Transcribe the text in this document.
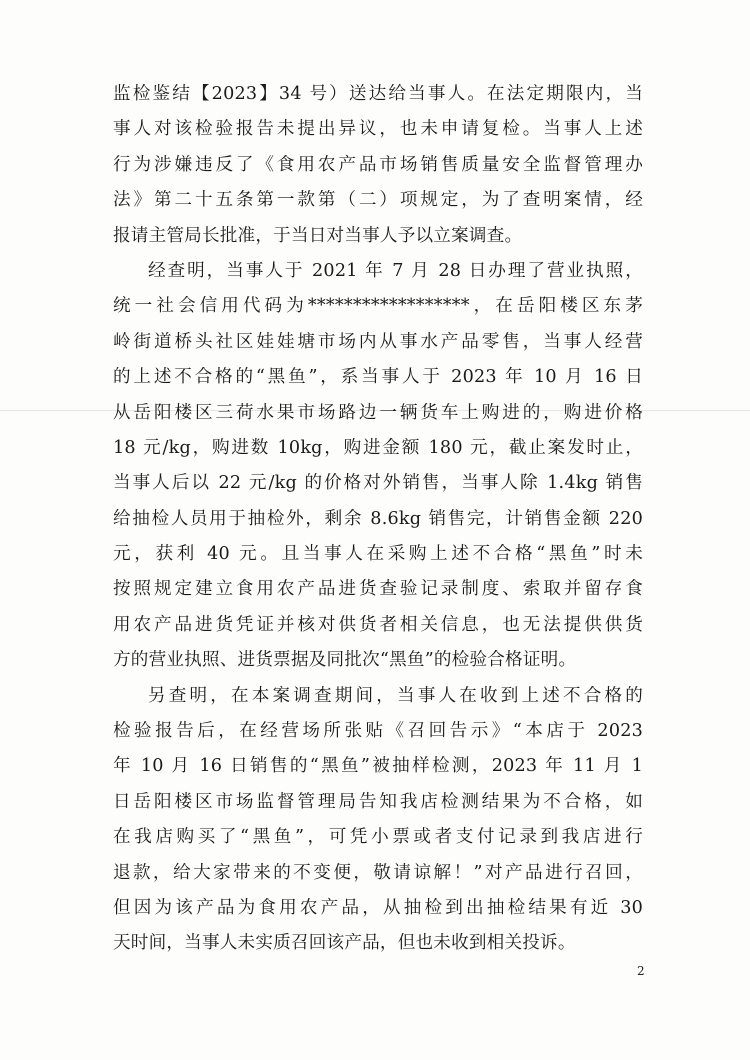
监检鉴结【2023】34 号）送达给当事人。在法定期限内，当
事人对该检验报告未提出异议，也未申请复检。当事人上述
行为涉嫌违反了《食用农产品市场销售质量安全监督管理办
法》第二十五条第一款第（二）项规定，为了查明案情，经
报请主管局长批准，于当日对当事人予以立案调查。
经查明，当事人于 2021 年 7 月 28 日办理了营业执照，
统一社会信用代码为******************，在岳阳楼区东茅
岭街道桥头社区娃娃塘市场内从事水产品零售，当事人经营
的上述不合格的“黑鱼”，系当事人于 2023 年 10 月 16 日
从岳阳楼区三荷水果市场路边一辆货车上购进的，购进价格
18 元/kg，购进数 10kg，购进金额 180 元，截止案发时止，
当事人后以 22 元/kg 的价格对外销售，当事人除 1.4kg 销售
给抽检人员用于抽检外，剩余 8.6kg 销售完，计销售金额 220
元，获利 40 元。且当事人在采购上述不合格“黑鱼”时未
按照规定建立食用农产品进货查验记录制度、索取并留存食
用农产品进货凭证并核对供货者相关信息，也无法提供供货
方的营业执照、进货票据及同批次“黑鱼”的检验合格证明。
另查明，在本案调查期间，当事人在收到上述不合格的
检验报告后，在经营场所张贴《召回告示》“本店于 2023
年 10 月 16 日销售的“黑鱼”被抽样检测，2023 年 11 月 1
日岳阳楼区市场监督管理局告知我店检测结果为不合格，如
在我店购买了“黑鱼”，可凭小票或者支付记录到我店进行
退款，给大家带来的不变便，敬请谅解！”对产品进行召回，
但因为该产品为食用农产品，从抽检到出抽检结果有近 30
天时间，当事人未实质召回该产品，但也未收到相关投诉。
2
